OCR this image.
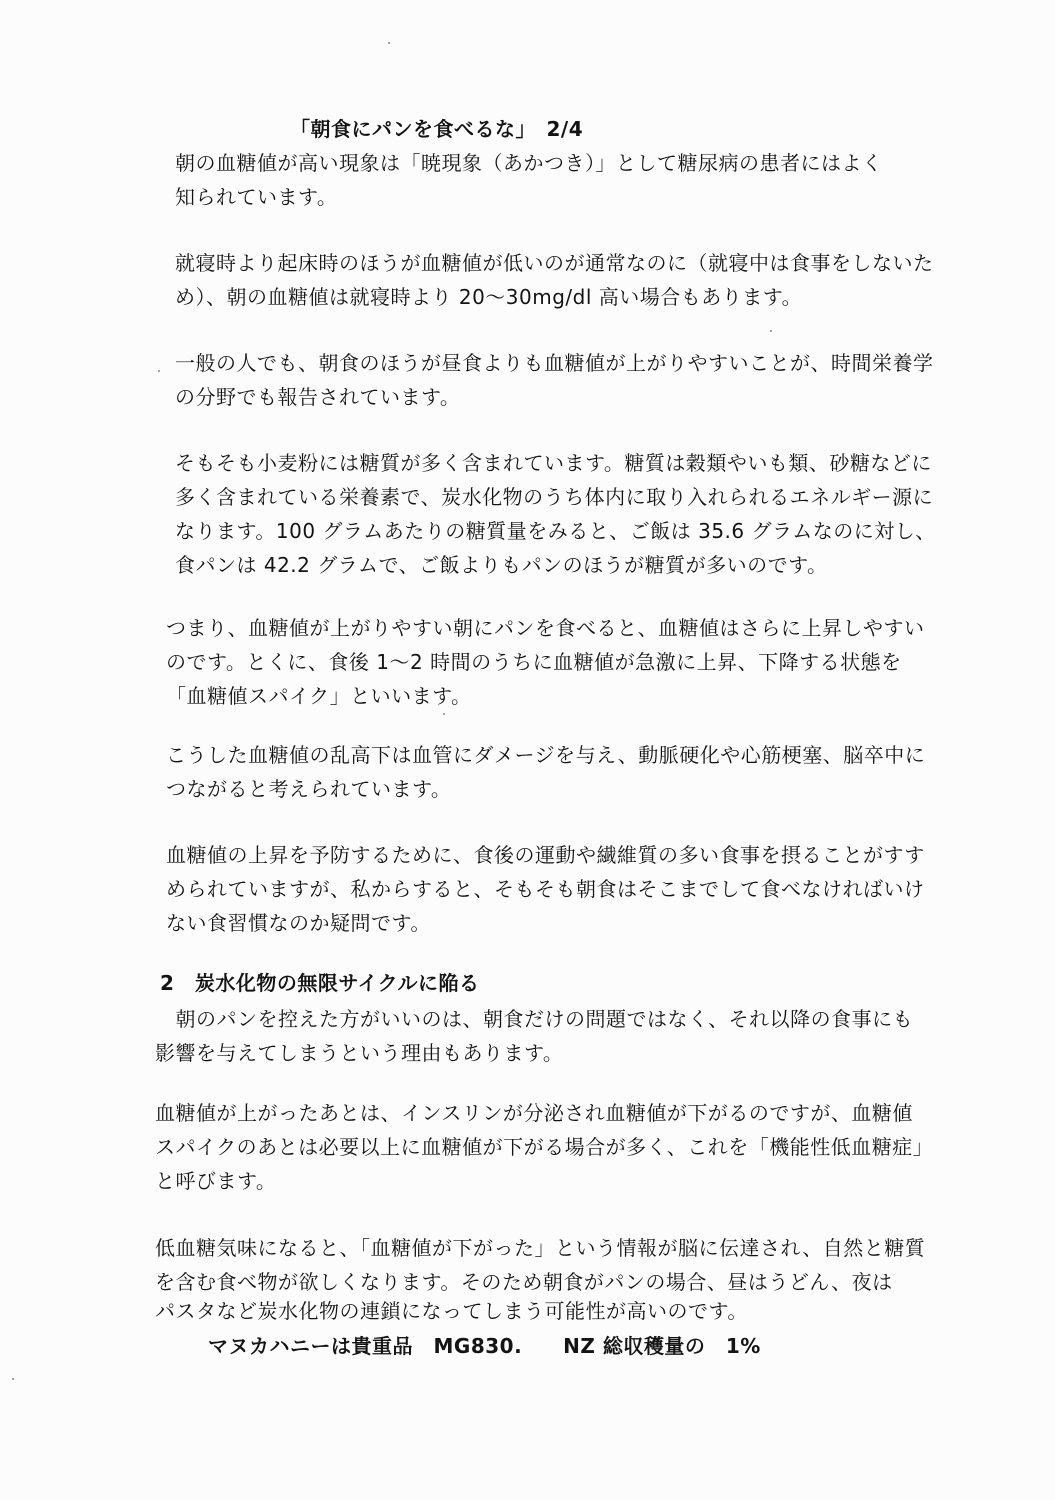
「朝食にパンを食べるな」　2/4
朝の血糖値が高い現象は「暁現象（あかつき）」として糖尿病の患者にはよく
知られています。
就寝時より起床時のほうが血糖値が低いのが通常なのに（就寝中は食事をしないた
め）、朝の血糖値は就寝時より 20～30mg/dl 高い場合もあります。
一般の人でも、朝食のほうが昼食よりも血糖値が上がりやすいことが、時間栄養学
の分野でも報告されています。
そもそも小麦粉には糖質が多く含まれています。糖質は穀類やいも類、砂糖などに
多く含まれている栄養素で、炭水化物のうち体内に取り入れられるエネルギー源に
なります。100 グラムあたりの糖質量をみると、ご飯は 35.6 グラムなのに対し、
食パンは 42.2 グラムで、ご飯よりもパンのほうが糖質が多いのです。
つまり、血糖値が上がりやすい朝にパンを食べると、血糖値はさらに上昇しやすい
のです。とくに、食後 1～2 時間のうちに血糖値が急激に上昇、下降する状態を
「血糖値スパイク」といいます。
こうした血糖値の乱高下は血管にダメージを与え、動脈硬化や心筋梗塞、脳卒中に
つながると考えられています。
血糖値の上昇を予防するために、食後の運動や繊維質の多い食事を摂ることがすす
められていますが、私からすると、そもそも朝食はそこまでして食べなければいけ
ない食習慣なのか疑問です。
2　炭水化物の無限サイクルに陥る
　朝のパンを控えた方がいいのは、朝食だけの問題ではなく、それ以降の食事にも
影響を与えてしまうという理由もあります。
血糖値が上がったあとは、インスリンが分泌され血糖値が下がるのですが、血糖値
スパイクのあとは必要以上に血糖値が下がる場合が多く、これを「機能性低血糖症」
と呼びます。
低血糖気味になると、「血糖値が下がった」という情報が脳に伝達され、自然と糖質
を含む食べ物が欲しくなります。そのため朝食がパンの場合、昼はうどん、夜は
パスタなど炭水化物の連鎖になってしまう可能性が高いのです。
マヌカハニーは貴重品　MG830.　　NZ 総収穫量の　1%
